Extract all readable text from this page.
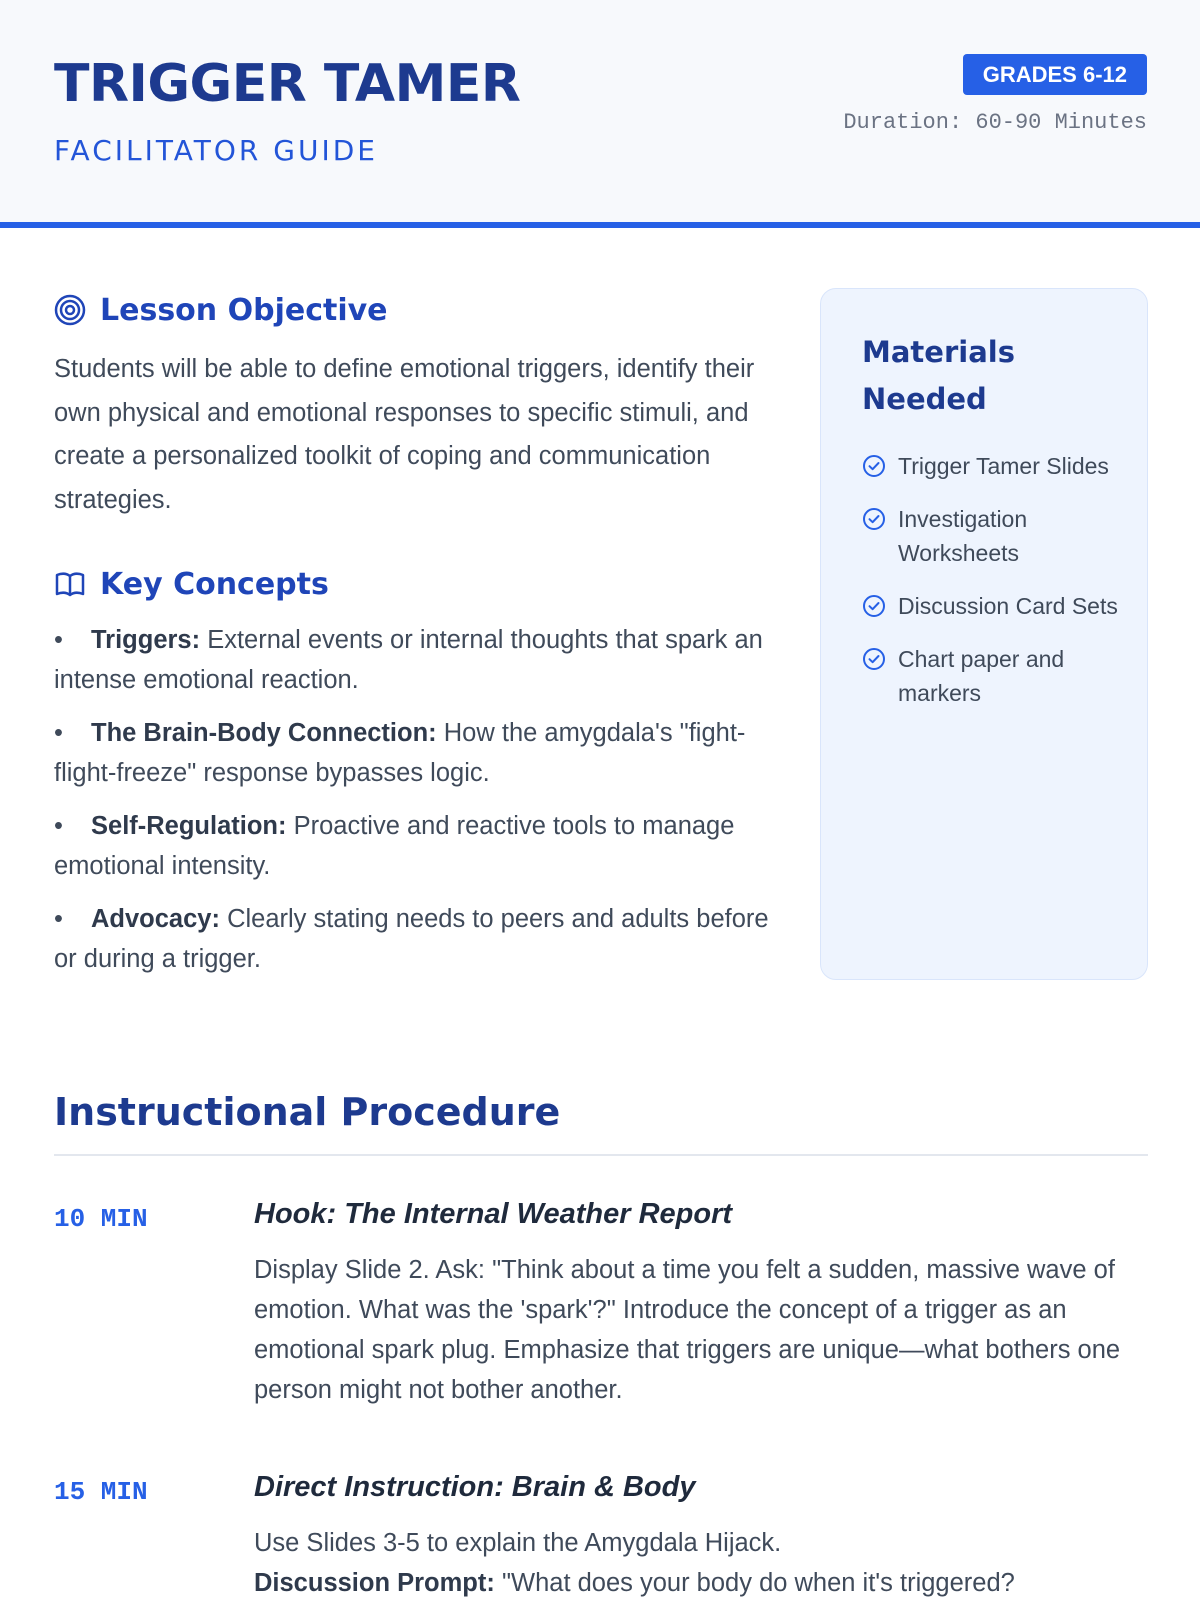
TRIGGER TAMER
FACILITATOR GUIDE
GRADES 6-12
Duration: 60-90 Minutes
Lesson Objective

Students will be able to define emotional triggers, identify their own physical and emotional responses to specific stimuli, and create a personalized toolkit of coping and communication strategies.

Key Concepts
• Triggers: External events or internal thoughts that spark an intense emotional reaction.
• The Brain-Body Connection: How the amygdala's "fight-flight-freeze" response bypasses logic.
• Self-Regulation: Proactive and reactive tools to manage emotional intensity.
• Advocacy: Clearly stating needs to peers and adults before or during a trigger.
Materials Needed
Trigger Tamer Slides
Investigation Worksheets
Discussion Card Sets
Chart paper and markers
Instructional Procedure
10 MIN	Hook: The Internal Weather Report

Display Slide 2. Ask: "Think about a time you felt a sudden, massive wave of emotion. What was the 'spark'?" Introduce the concept of a trigger as an emotional spark plug. Emphasize that triggers are unique—what bothers one person might not bother another.

15 MIN	Direct Instruction: Brain & Body
Use Slides 3-5 to explain the Amygdala Hijack.
Discussion Prompt: "What does your body do when it's triggered?
